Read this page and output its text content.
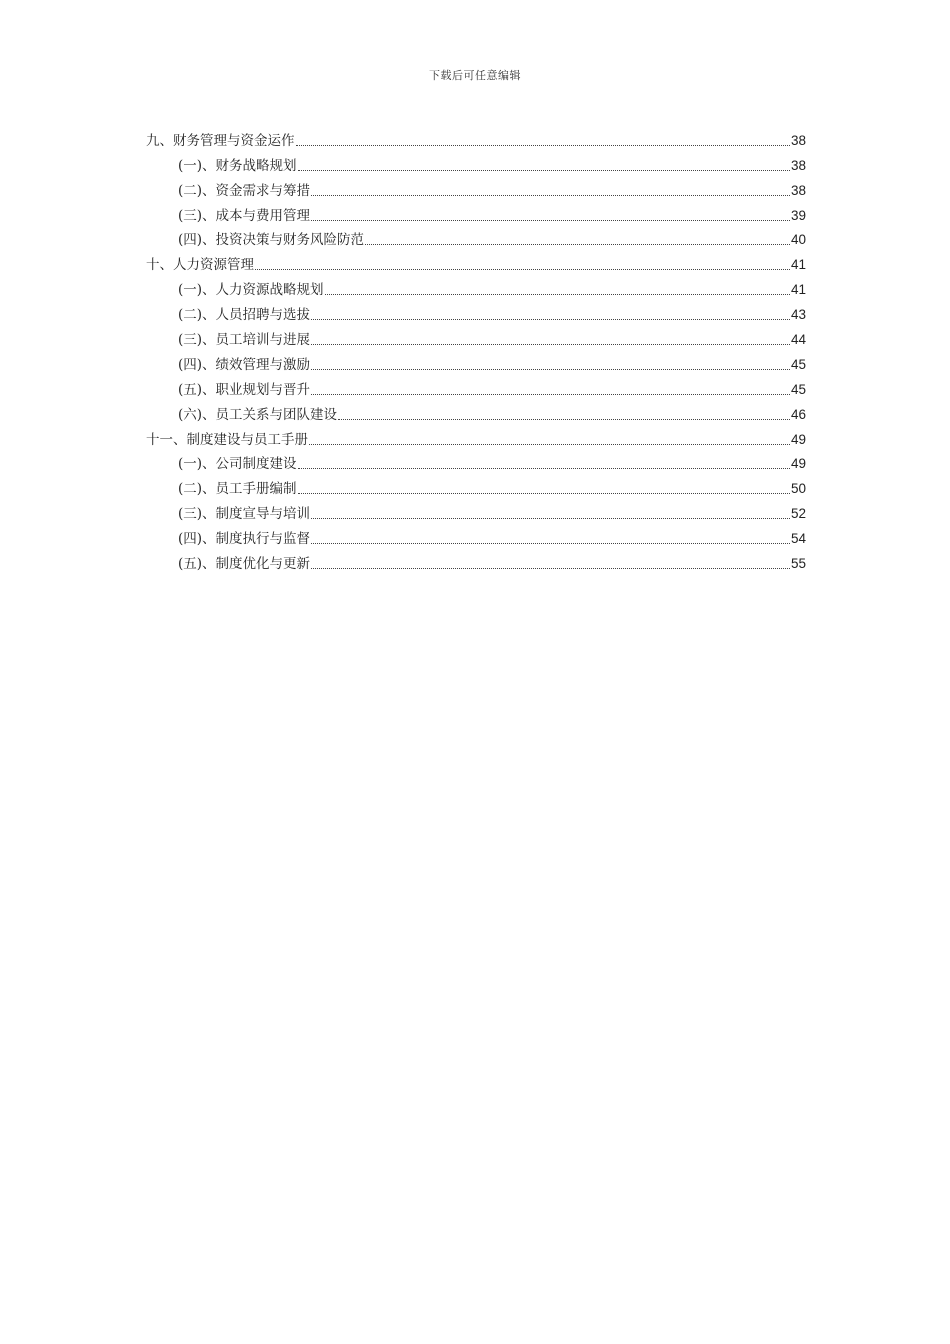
下载后可任意编辑
九、财务管理与资金运作	38
(一)、财务战略规划	38
(二)、资金需求与筹措	38
(三)、成本与费用管理	39
(四)、投资决策与财务风险防范	40
十、人力资源管理	41
(一)、人力资源战略规划	41
(二)、人员招聘与选拔	43
(三)、员工培训与进展	44
(四)、绩效管理与激励	45
(五)、职业规划与晋升	45
(六)、员工关系与团队建设	46
十一、制度建设与员工手册	49
(一)、公司制度建设	49
(二)、员工手册编制	50
(三)、制度宣导与培训	52
(四)、制度执行与监督	54
(五)、制度优化与更新	55
